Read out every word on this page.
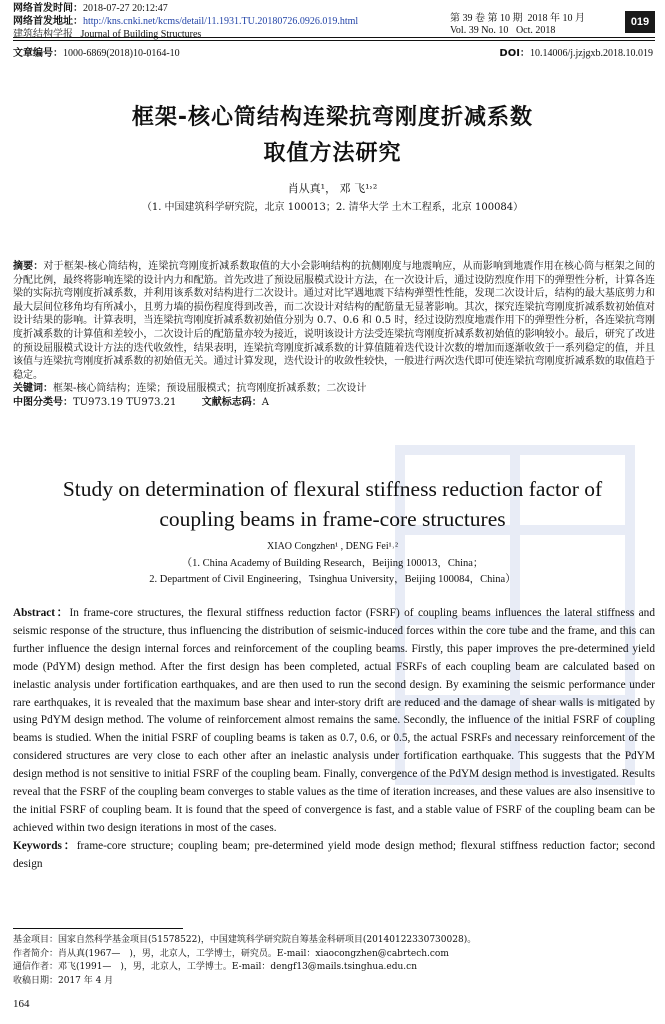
网络首发时间：2018-07-27 20:12:47
网络首发地址：http://kns.cnki.net/kcms/detail/11.1931.TU.20180726.0926.019.html
建筑结构学报 Journal of Building Structures
第 39 卷 第 10 期 2018 年 10 月
Vol. 39 No. 10 Oct. 2018
019
文章编号：1000-6869(2018)10-0164-10	DOI：10.14006/j.jzjgxb.2018.10.019
框架-核心筒结构连梁抗弯刚度折减系数
取值方法研究
肖从真¹， 邓 飞¹˒²
（1. 中国建筑科学研究院，北京 100013；2. 清华大学 土木工程系，北京 100084）
摘要：对于框架-核心筒结构，连梁抗弯刚度折减系数取值的大小会影响结构的抗侧刚度与地震响应，从而影响到地震作用在核心筒与框架之间的分配比例，最终将影响连梁的设计内力和配筋。首先改进了预设屈服模式设计方法，在一次设计后，通过设防烈度作用下的弹塑性分析，计算各连梁的实际抗弯刚度折减系数，并利用该系数对结构进行二次设计。通过对比罕遇地震下结构弹塑性性能，发现二次设计后，结构的最大基底剪力和最大层间位移角均有所减小，且剪力墙的损伤程度得到改善，而二次设计对结构的配筋量无显著影响。其次，探究连梁抗弯刚度折减系数初始值对设计结果的影响。计算表明，当连梁抗弯刚度折减系数初始值分别为 0.7、0.6 和 0.5 时，经过设防烈度地震作用下的弹塑性分析，各连梁抗弯刚度折减系数的计算值和差较小，二次设计后的配筋量亦较为接近，说明该设计方法受连梁抗弯刚度折减系数初始值的影响较小。最后，研究了改进的预设屈服模式设计方法的迭代收敛性，结果表明，连梁抗弯刚度折减系数的计算值随着迭代设计次数的增加而逐渐收敛于一系列稳定的值，并且该值与连梁抗弯刚度折减系数的初始值无关。通过计算发现，迭代设计的收敛性较快，一般进行两次迭代即可使连梁抗弯刚度折减系数的取值趋于稳定。
关键词：框架-核心筒结构；连梁；预设屈服模式；抗弯刚度折减系数；二次设计
中图分类号：TU973.19 TU973.21	文献标志码：A
Study on determination of flexural stiffness reduction factor of
coupling beams in frame-core structures
XIAO Congzhen¹ , DENG Fei¹˒²
（1. China Academy of Building Research，Beijing 100013，China；
2. Department of Civil Engineering，Tsinghua University，Beijing 100084，China）
Abstract：In frame-core structures, the flexural stiffness reduction factor (FSRF) of coupling beams influences the lateral stiffness and seismic response of the structure, thus influencing the distribution of seismic-induced forces within the core tube and the frame, and this can further influence the design internal forces and reinforcement of the coupling beams. Firstly, this paper improves the pre-determined yield mode (PdYM) design method. After the first design has been completed, actual FSRFs of each coupling beam are calculated based on inelastic analysis under fortification earthquakes, and are then used to run the second design. By examining the seismic performance under rare earthquakes, it is revealed that the maximum base shear and inter-story drift are reduced and the damage of shear walls is mitigated by using PdYM design method. The volume of reinforcement almost remains the same. Secondly, the influence of the initial FSRF of coupling beams is studied. When the initial FSRF of coupling beams is taken as 0.7, 0.6, or 0.5, the actual FSRFs and necessary reinforcement of the considered structures are very close to each other after an inelastic analysis under fortification earthquake. This suggests that the PdYM design method is not sensitive to initial FSRF of the coupling beam. Finally, convergence of the PdYM design method is investigated. Results reveal that the FSRF of the coupling beam converges to stable values as the time of iteration increases, and these values are also insensitive to the initial FSRF of coupling beam. It is found that the speed of convergence is fast, and a stable value of FSRF of the coupling beam can be achieved within two design iterations in most of the cases.
Keywords：frame-core structure; coupling beam; pre-determined yield mode design method; flexural stiffness reduction factor; second design
基金项目：国家自然科学基金项目(51578522)，中国建筑科学研究院自筹基金科研项目(20140122330730028)。
作者简介：肖从真(1967—　)，男，北京人，工学博士，研究员。E-mail：xiaocongzhen@cabrtech.com
通信作者：邓飞(1991—　)，男，北京人，工学博士。E-mail：dengf13@mails.tsinghua.edu.cn
收稿日期：2017 年 4 月
164
